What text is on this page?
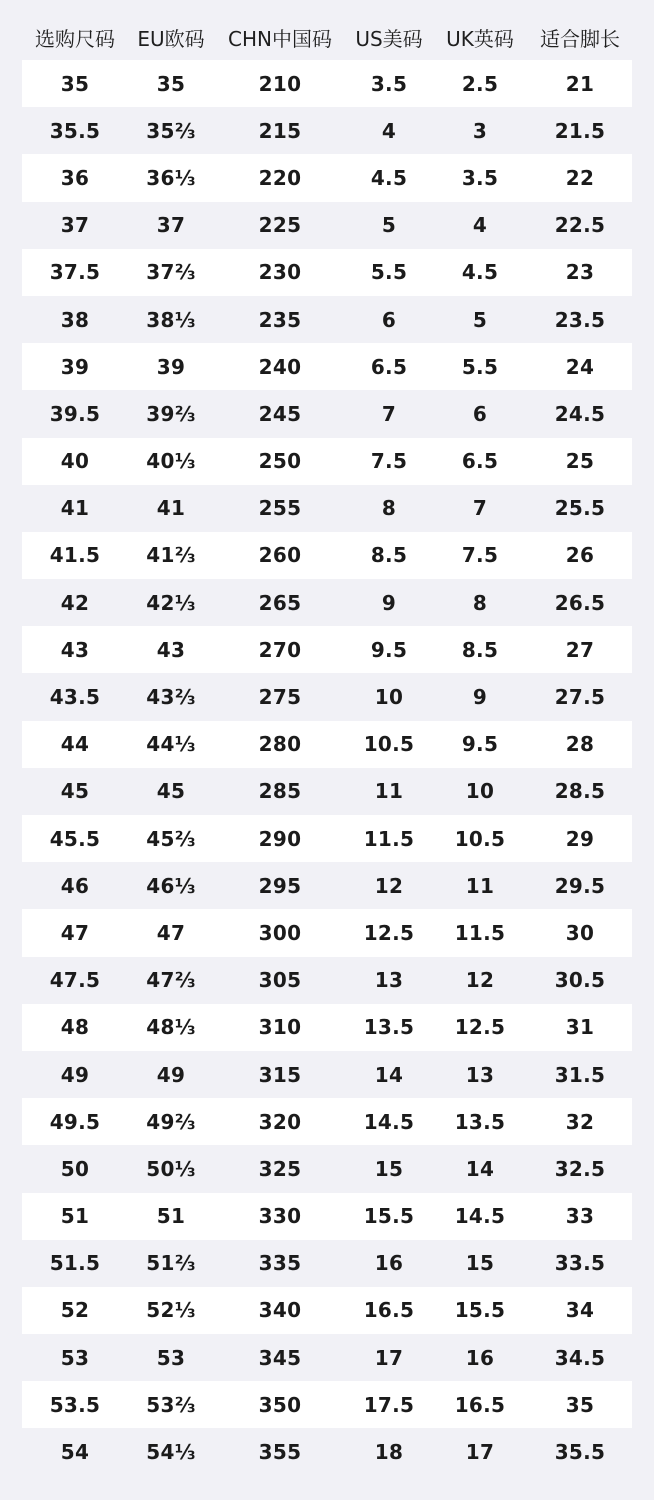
选购尺码	EU欧码	CHN中国码	US美码	UK英码	适合脚长
35	35	210	3.5	2.5	21
35.5	35⅔	215	4	3	21.5
36	36⅓	220	4.5	3.5	22
37	37	225	5	4	22.5
37.5	37⅔	230	5.5	4.5	23
38	38⅓	235	6	5	23.5
39	39	240	6.5	5.5	24
39.5	39⅔	245	7	6	24.5
40	40⅓	250	7.5	6.5	25
41	41	255	8	7	25.5
41.5	41⅔	260	8.5	7.5	26
42	42⅓	265	9	8	26.5
43	43	270	9.5	8.5	27
43.5	43⅔	275	10	9	27.5
44	44⅓	280	10.5	9.5	28
45	45	285	11	10	28.5
45.5	45⅔	290	11.5	10.5	29
46	46⅓	295	12	11	29.5
47	47	300	12.5	11.5	30
47.5	47⅔	305	13	12	30.5
48	48⅓	310	13.5	12.5	31
49	49	315	14	13	31.5
49.5	49⅔	320	14.5	13.5	32
50	50⅓	325	15	14	32.5
51	51	330	15.5	14.5	33
51.5	51⅔	335	16	15	33.5
52	52⅓	340	16.5	15.5	34
53	53	345	17	16	34.5
53.5	53⅔	350	17.5	16.5	35
54	54⅓	355	18	17	35.5
